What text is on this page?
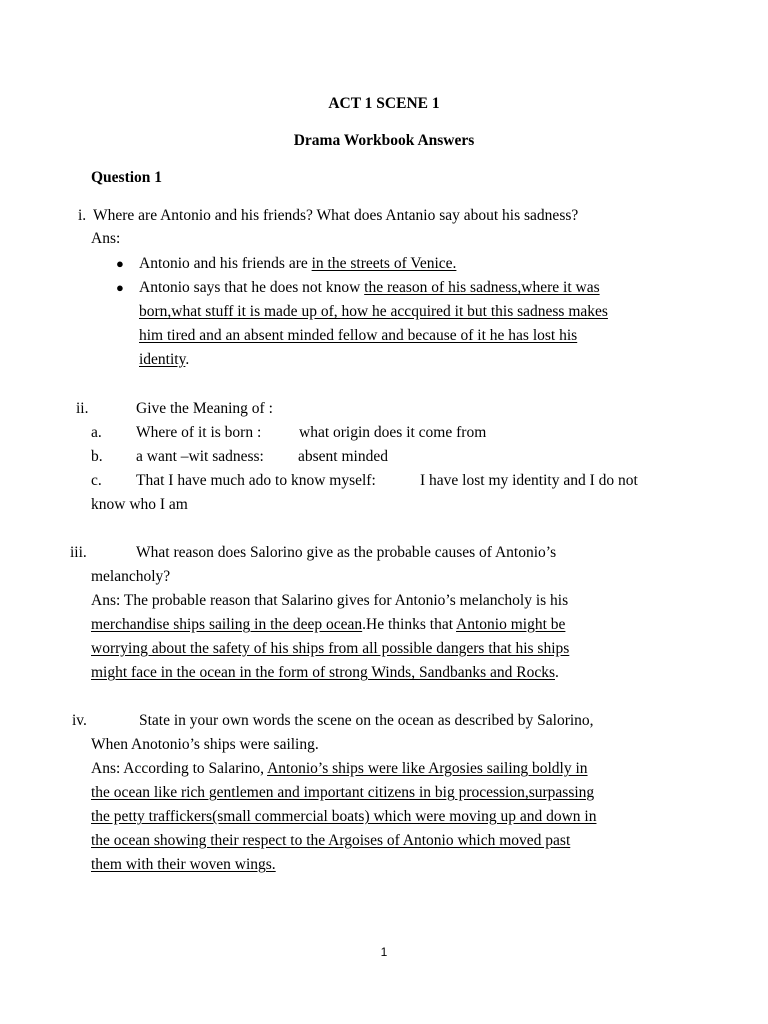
ACT 1 SCENE 1
Drama Workbook Answers
Question 1
i. Where are Antonio and his friends? What does Antanio say about his sadness?
Ans:
● Antonio and his friends are in the streets of Venice.
● Antonio says that he does not know the reason of his sadness,where it was
born,what stuff it is made up of, how he accquired it but this sadness makes
him tired and an absent minded fellow and because of it he has lost his
identity.
ii.	Give the Meaning of :
a. Where of it is born : what origin does it come from
b. a want –wit sadness: absent minded
c. That I have much ado to know myself:	I have lost my identity and I do not
know who I am
iii.	What reason does Salorino give as the probable causes of Antonio’s
melancholy?
Ans: The probable reason that Salarino gives for Antonio’s melancholy is his
merchandise ships sailing in the deep ocean.He thinks that Antonio might be
worrying about the safety of his ships from all possible dangers that his ships
might face in the ocean in the form of strong Winds, Sandbanks and Rocks.
iv.	State in your own words the scene on the ocean as described by Salorino,
When Anotonio’s ships were sailing.
Ans: According to Salarino, Antonio’s ships were like Argosies sailing boldly in
the ocean like rich gentlemen and important citizens in big procession,surpassing
the petty traffickers(small commercial boats) which were moving up and down in
the ocean showing their respect to the Argoises of Antonio which moved past
them with their woven wings.
1
